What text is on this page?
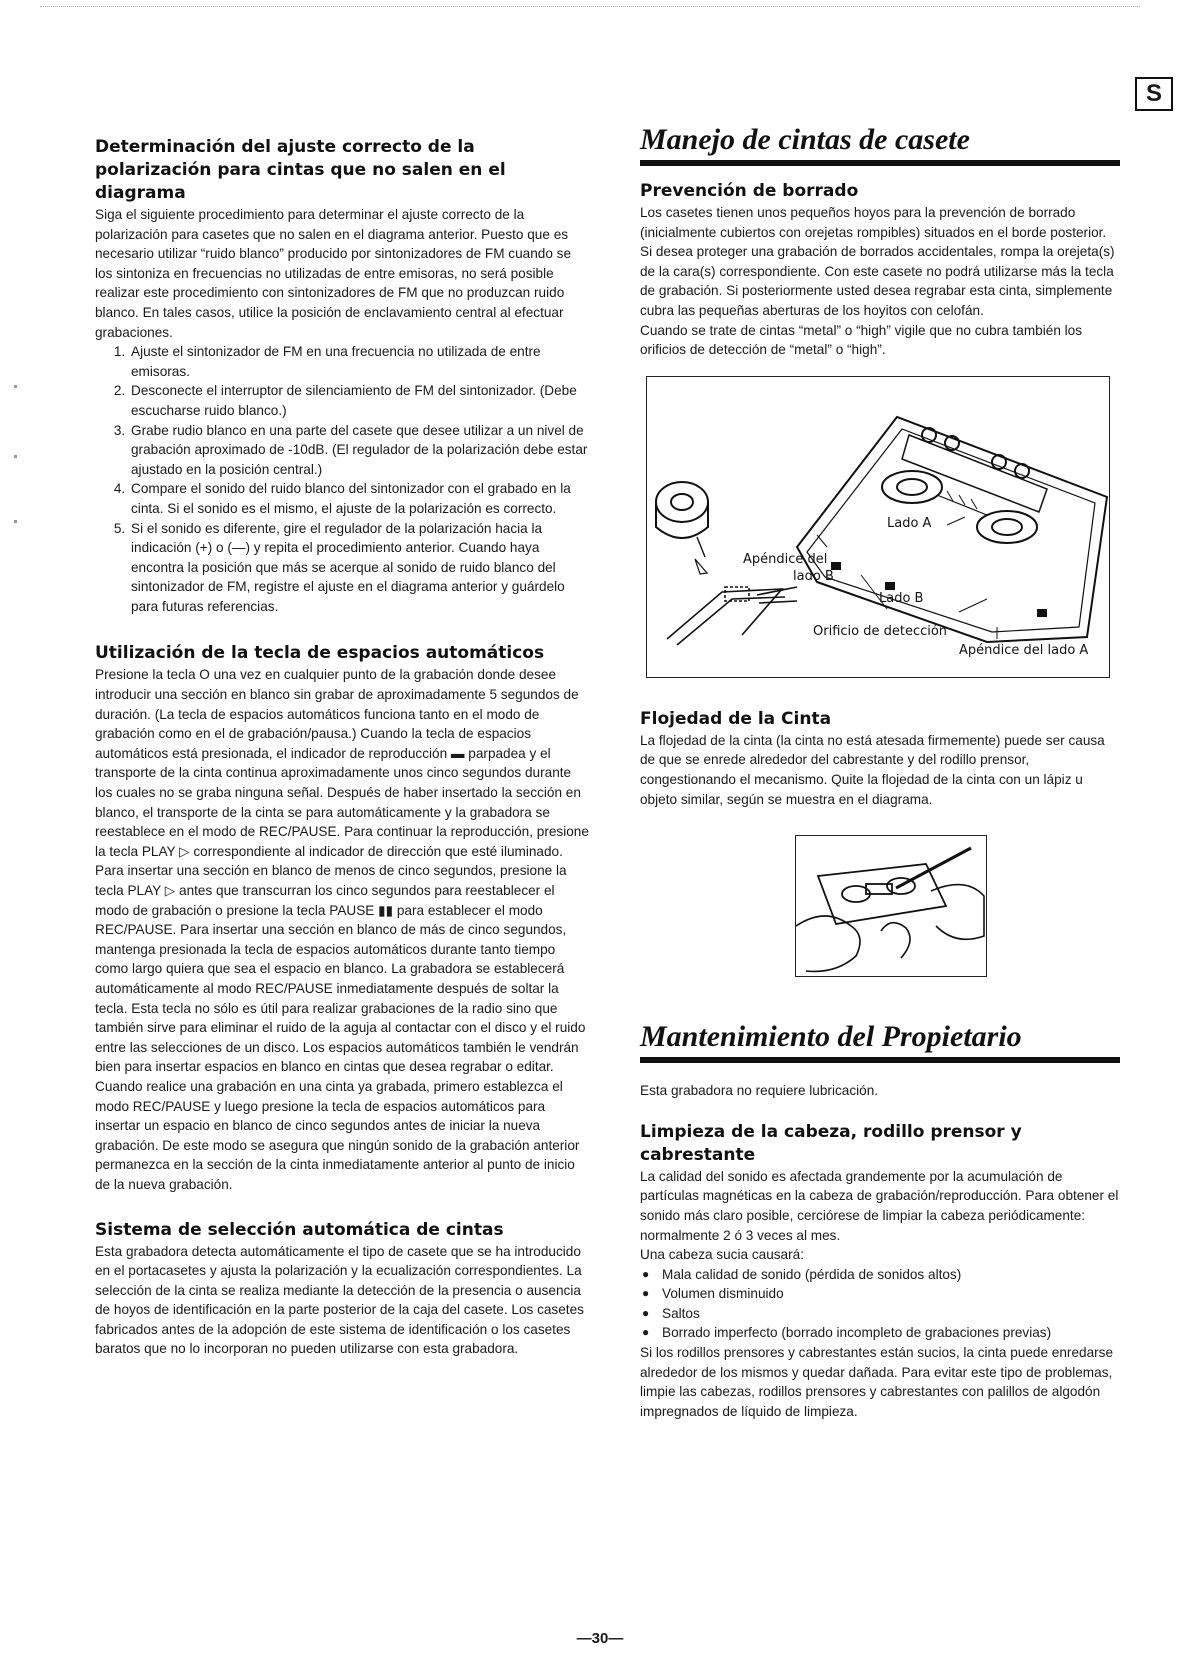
S
Determinación del ajuste correcto de la polarización para cintas que no salen en el diagrama

Siga el siguiente procedimiento para determinar el ajuste correcto de la polarización para casetes que no salen en el diagrama anterior. Puesto que es necesario utilizar “ruido blanco” producido por sintonizadores de FM cuando se los sintoniza en frecuencias no utilizadas de entre emisoras, no será posible realizar este procedimiento con sintonizadores de FM que no produzcan ruido blanco. En tales casos, utilice la posición de enclavamiento central al efectuar grabaciones.

1. Ajuste el sintonizador de FM en una frecuencia no utilizada de entre emisoras.
2. Desconecte el interruptor de silenciamiento de FM del sintonizador. (Debe escucharse ruido blanco.)
3. Grabe rudio blanco en una parte del casete que desee utilizar a un nivel de grabación aproximado de -10dB. (El regulador de la polarización debe estar ajustado en la posición central.)
4. Compare el sonido del ruido blanco del sintonizador con el grabado en la cinta. Si el sonido es el mismo, el ajuste de la polarización es correcto.
5. Si el sonido es diferente, gire el regulador de la polarización hacia la indicación (+) o (—) y repita el procedimiento anterior. Cuando haya encontra la posición que más se acerque al sonido de ruido blanco del sintonizador de FM, registre el ajuste en el diagrama anterior y guárdelo para futuras referencias.
Utilización de la tecla de espacios automáticos

Presione la tecla O una vez en cualquier punto de la grabación donde desee introducir una sección en blanco sin grabar de aproximadamente 5 segundos de duración. (La tecla de espacios automáticos funciona tanto en el modo de grabación como en el de grabación/pausa.) Cuando la tecla de espacios automáticos está presionada, el indicador de reproducción ▬ parpadea y el transporte de la cinta continua aproximadamente unos cinco segundos durante los cuales no se graba ninguna señal. Después de haber insertado la sección en blanco, el transporte de la cinta se para automáticamente y la grabadora se reestablece en el modo de REC/PAUSE. Para continuar la reproducción, presione la tecla PLAY ▷ correspondiente al indicador de dirección que esté iluminado. Para insertar una sección en blanco de menos de cinco segundos, presione la tecla PLAY ▷ antes que transcurran los cinco segundos para reestablecer el modo de grabación o presione la tecla PAUSE ▮▮ para establecer el modo REC/PAUSE. Para insertar una sección en blanco de más de cinco segundos, mantenga presionada la tecla de espacios automáticos durante tanto tiempo como largo quiera que sea el espacio en blanco. La grabadora se establecerá automáticamente al modo REC/PAUSE inmediatamente después de soltar la tecla. Esta tecla no sólo es útil para realizar grabaciones de la radio sino que también sirve para eliminar el ruido de la aguja al contactar con el disco y el ruido entre las selecciones de un disco. Los espacios automáticos también le vendrán bien para insertar espacios en blanco en cintas que desea regrabar o editar. Cuando realice una grabación en una cinta ya grabada, primero establezca el modo REC/PAUSE y luego presione la tecla de espacios automáticos para insertar un espacio en blanco de cinco segundos antes de iniciar la nueva grabación. De este modo se asegura que ningún sonido de la grabación anterior permanezca en la sección de la cinta inmediatamente anterior al punto de inicio de la nueva grabación.

Sistema de selección automática de cintas

Esta grabadora detecta automáticamente el tipo de casete que se ha introducido en el portacasetes y ajusta la polarización y la ecualización correspondientes. La selección de la cinta se realiza mediante la detección de la presencia o ausencia de hoyos de identificación en la parte posterior de la caja del casete. Los casetes fabricados antes de la adopción de este sistema de identificación o los casetes baratos que no lo incorporan no pueden utilizarse con esta grabadora.

Manejo de cintas de casete
Prevención de borrado

Los casetes tienen unos pequeños hoyos para la prevención de borrado (inicialmente cubiertos con orejetas rompibles) situados en el borde posterior. Si desea proteger una grabación de borrados accidentales, rompa la orejeta(s) de la cara(s) correspondiente. Con este casete no podrá utilizarse más la tecla de grabación. Si posteriormente usted desea regrabar esta cinta, simplemente cubra las pequeñas aberturas de los hoyitos con celofán.

Cuando se trate de cintas “metal” o “high” vigile que no cubra también los orificios de detección de “metal” o “high”.

Lado A
Apéndice del
lado B
Lado B
Orificio de detección
Apéndice del lado A
Flojedad de la Cinta

La flojedad de la cinta (la cinta no está atesada firmemente) puede ser causa de que se enrede alrededor del cabrestante y del rodillo prensor, congestionando el mecanismo. Quite la flojedad de la cinta con un lápiz u objeto similar, según se muestra en el diagrama.

Mantenimiento del Propietario

Esta grabadora no requiere lubricación.

Limpieza de la cabeza, rodillo prensor y cabrestante

La calidad del sonido es afectada grandemente por la acumulación de partículas magnéticas en la cabeza de grabación/reproducción. Para obtener el sonido más claro posible, cerciórese de limpiar la cabeza periódicamente: normalmente 2 ó 3 veces al mes.

Una cabeza sucia causará:

● Mala calidad de sonido (pérdida de sonidos altos)
● Volumen disminuido
● Saltos
● Borrado imperfecto (borrado incompleto de grabaciones previas)

Si los rodillos prensores y cabrestantes están sucios, la cinta puede enredarse alrededor de los mismos y quedar dañada. Para evitar este tipo de problemas, limpie las cabezas, rodillos prensores y cabrestantes con palillos de algodón impregnados de líquido de limpieza.

—30—
